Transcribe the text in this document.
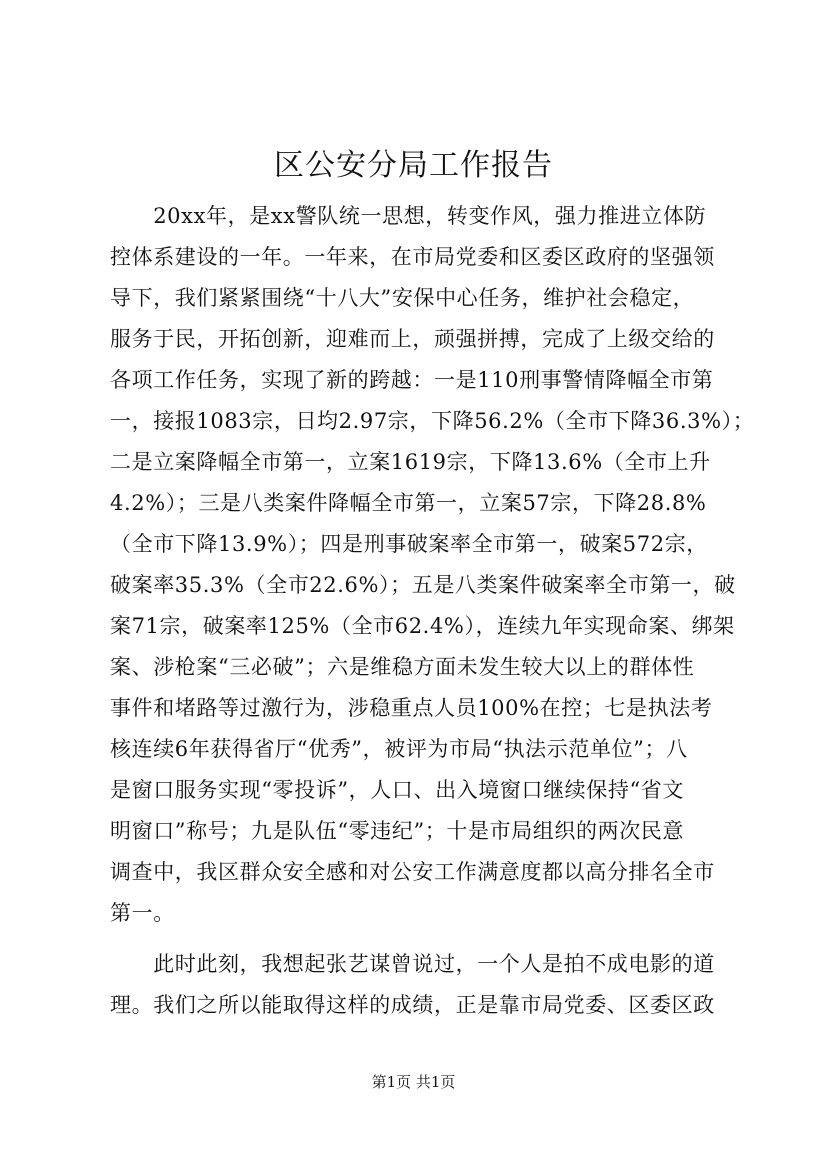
区公安分局工作报告
　　20xx年，是xx警队统一思想，转变作风，强力推进立体防
控体系建设的一年。一年来，在市局党委和区委区政府的坚强领
导下，我们紧紧围绕“十八大”安保中心任务，维护社会稳定，
服务于民，开拓创新，迎难而上，顽强拼搏，完成了上级交给的
各项工作任务，实现了新的跨越：一是110刑事警情降幅全市第
一，接报1083宗，日均2.97宗，下降56.2%（全市下降36.3%）；
二是立案降幅全市第一，立案1619宗，下降13.6%（全市上升
4.2%）；三是八类案件降幅全市第一，立案57宗，下降28.8%
（全市下降13.9%）；四是刑事破案率全市第一，破案572宗，
破案率35.3%（全市22.6%）；五是八类案件破案率全市第一，破
案71宗，破案率125%（全市62.4%），连续九年实现命案、绑架
案、涉枪案“三必破”；六是维稳方面未发生较大以上的群体性
事件和堵路等过激行为，涉稳重点人员100%在控；七是执法考
核连续6年获得省厅“优秀”，被评为市局“执法示范单位”；八
是窗口服务实现“零投诉”，人口、出入境窗口继续保持“省文
明窗口”称号；九是队伍“零违纪”；十是市局组织的两次民意
调查中，我区群众安全感和对公安工作满意度都以高分排名全市
第一。
　　此时此刻，我想起张艺谋曾说过，一个人是拍不成电影的道
理。我们之所以能取得这样的成绩，正是靠市局党委、区委区政
第1页 共1页
